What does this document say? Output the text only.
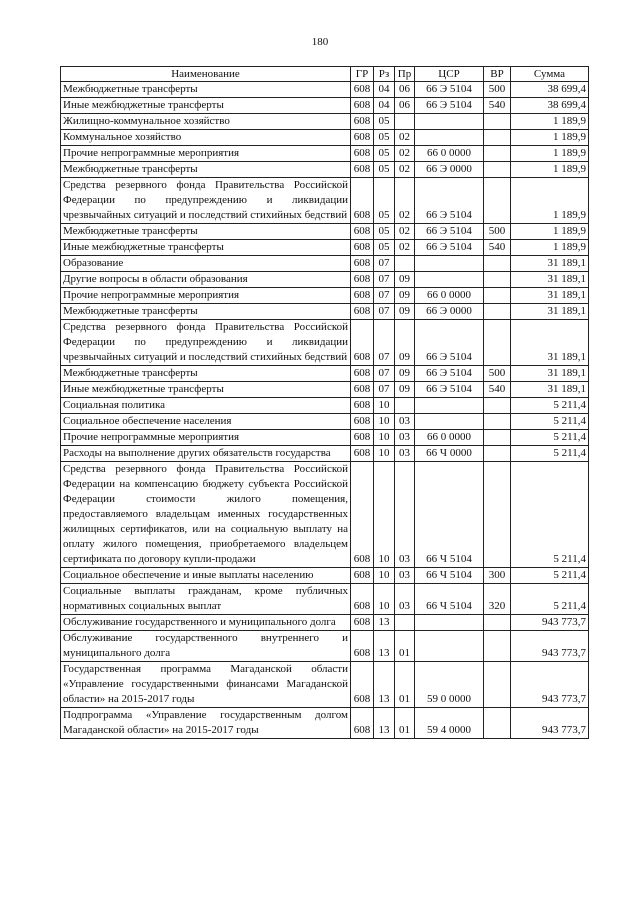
180
Наименование	ГР	Рз	Пр	ЦСР	ВР	Сумма
Межбюджетные трансферты	608	04	06	66 Э 5104	500	38 699,4
Иные межбюджетные трансферты	608	04	06	66 Э 5104	540	38 699,4
Жилищно-коммунальное хозяйство	608	05				1 189,9
Коммунальное хозяйство	608	05	02			1 189,9
Прочие непрограммные мероприятия	608	05	02	66 0 0000		1 189,9
Межбюджетные трансферты	608	05	02	66 Э 0000		1 189,9
Средства резервного фонда Правительства Российской Федерации по предупреждению и ликвидации чрезвычайных ситуаций и последствий стихийных бедствий	608	05	02	66 Э 5104		1 189,9
Межбюджетные трансферты	608	05	02	66 Э 5104	500	1 189,9
Иные межбюджетные трансферты	608	05	02	66 Э 5104	540	1 189,9
Образование	608	07				31 189,1
Другие вопросы в области образования	608	07	09			31 189,1
Прочие непрограммные мероприятия	608	07	09	66 0 0000		31 189,1
Межбюджетные трансферты	608	07	09	66 Э 0000		31 189,1
Средства резервного фонда Правительства Российской Федерации по предупреждению и ликвидации чрезвычайных ситуаций и последствий стихийных бедствий	608	07	09	66 Э 5104		31 189,1
Межбюджетные трансферты	608	07	09	66 Э 5104	500	31 189,1
Иные межбюджетные трансферты	608	07	09	66 Э 5104	540	31 189,1
Социальная политика	608	10				5 211,4
Социальное обеспечение населения	608	10	03			5 211,4
Прочие непрограммные мероприятия	608	10	03	66 0 0000		5 211,4
Расходы на выполнение других обязательств государства	608	10	03	66 Ч 0000		5 211,4
Средства резервного фонда Правительства Российской Федерации на компенсацию бюджету субъекта Российской Федерации стоимости жилого помещения, предоставляемого владельцам именных государственных жилищных сертификатов, или на социальную выплату на оплату жилого помещения, приобретаемого владельцем сертификата по договору купли-продажи	608	10	03	66 Ч 5104		5 211,4
Социальное обеспечение и иные выплаты населению	608	10	03	66 Ч 5104	300	5 211,4
Социальные выплаты гражданам, кроме публичных нормативных социальных выплат	608	10	03	66 Ч 5104	320	5 211,4
Обслуживание государственного и муниципального долга	608	13				943 773,7
Обслуживание государственного внутреннего и муниципального долга	608	13	01			943 773,7
Государственная программа Магаданской области «Управление государственными финансами Магаданской области» на 2015-2017 годы	608	13	01	59 0 0000		943 773,7
Подпрограмма «Управление государственным долгом Магаданской области» на 2015-2017 годы	608	13	01	59 4 0000		943 773,7
